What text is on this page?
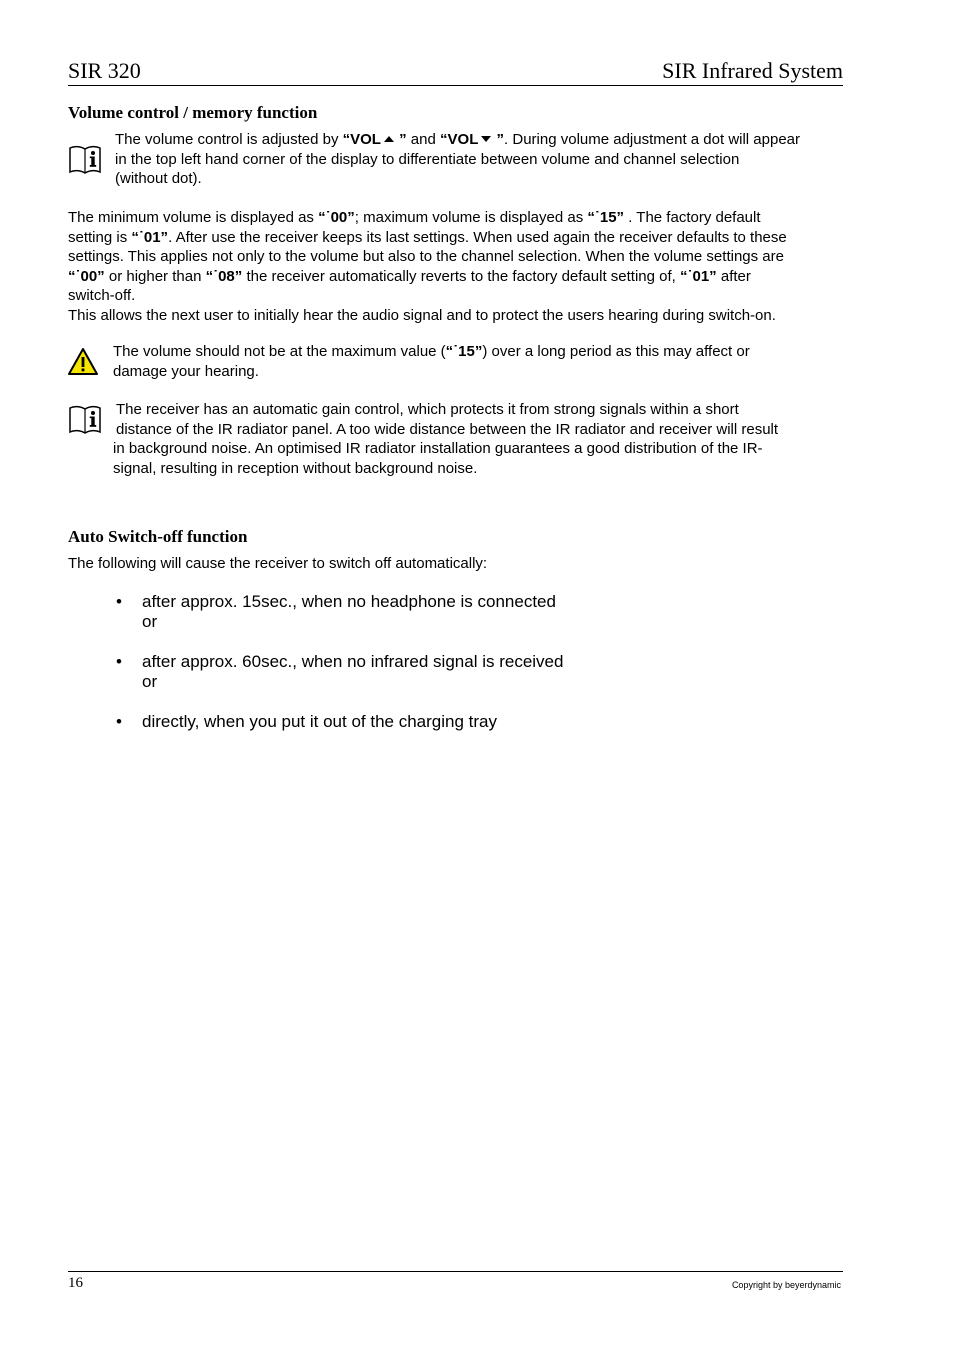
SIR 320	SIR Infrared System
Volume control / memory function
The volume control is adjusted by “VOL ” and “VOL ”. During volume adjustment a dot will appear
in the top left hand corner of the display to differentiate between volume and channel selection
(without dot).
The minimum volume is displayed as “˙00”; maximum volume is displayed as “˙15” . The factory default
setting is “˙01”. After use the receiver keeps its last settings. When used again the receiver defaults to these
settings. This applies not only to the volume but also to the channel selection. When the volume settings are
“˙00” or higher than “˙08” the receiver automatically reverts to the factory default setting of, “˙01” after
switch-off.
This allows the next user to initially hear the audio signal and to protect the users hearing during switch-on.
The volume should not be at the maximum value (“˙15”) over a long period as this may affect or
damage your hearing.
The receiver has an automatic gain control, which protects it from strong signals within a short
distance of the IR radiator panel. A too wide distance between the IR radiator and receiver will result
in background noise. An optimised IR radiator installation guarantees a good distribution of the IR-
signal, resulting in reception without background noise.
Auto Switch-off function
The following will cause the receiver to switch off automatically:
• after approx. 15sec., when no headphone is connected
or
• after approx. 60sec., when no infrared signal is received
or
• directly, when you put it out of the charging tray
16	Copyright by beyerdynamic
